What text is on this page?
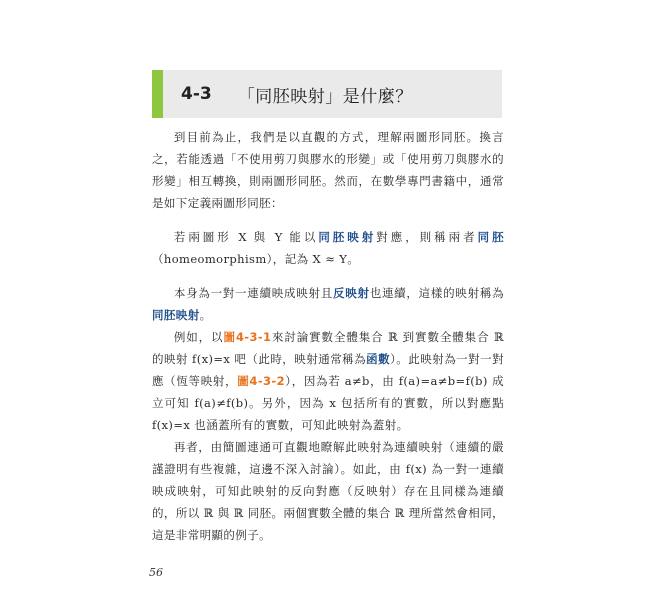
4-3 「同胚映射」是什麼？

到目前為止，我們是以直觀的方式，理解兩圖形同胚。換言之，若能透過「不使用剪刀與膠水的形變」或「使用剪刀與膠水的形變」相互轉換，則兩圖形同胚。然而，在數學專門書籍中，通常是如下定義兩圖形同胚：

若兩圖形 X 與 Y 能以同胚映射對應，則稱兩者同胚（homeomorphism），記為 X ≈ Y。

本身為一對一連續映成映射且反映射也連續，這樣的映射稱為同胚映射。

例如，以圖4-3-1來討論實數全體集合 ℝ 到實數全體集合 ℝ 的映射 f(x)=x 吧（此時，映射通常稱為函數）。此映射為一對一對應（恆等映射，圖4-3-2），因為若 a≠b，由 f(a)=a≠b=f(b) 成立可知 f(a)≠f(b)。另外，因為 x 包括所有的實數，所以對應點 f(x)=x 也涵蓋所有的實數，可知此映射為蓋射。

再者，由簡圖連通可直觀地瞭解此映射為連續映射（連續的嚴謹證明有些複雜，這邊不深入討論）。如此，由 f(x) 為一對一連續映成映射，可知此映射的反向對應（反映射）存在且同樣為連續的，所以 ℝ 與 ℝ 同胚。兩個實數全體的集合 ℝ 理所當然會相同，這是非常明顯的例子。

56
